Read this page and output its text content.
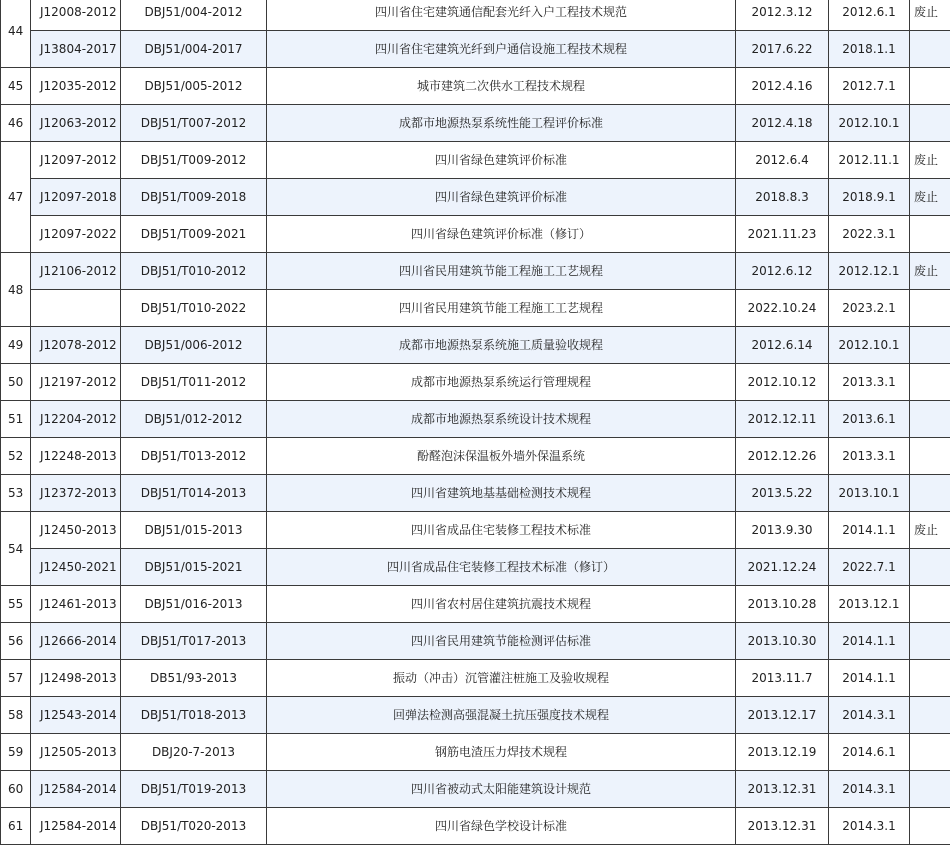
44	J12008-2012	DBJ51/004-2012	四川省住宅建筑通信配套光纤入户工程技术规范	2012.3.12	2012.6.1	废止
	J13804-2017	DBJ51/004-2017	四川省住宅建筑光纤到户通信设施工程技术规程	2017.6.22	2018.1.1	
45	J12035-2012	DBJ51/005-2012	城市建筑二次供水工程技术规程	2012.4.16	2012.7.1	
46	J12063-2012	DBJ51/T007-2012	成都市地源热泵系统性能工程评价标准	2012.4.18	2012.10.1	
47	J12097-2012	DBJ51/T009-2012	四川省绿色建筑评价标准	2012.6.4	2012.11.1	废止
	J12097-2018	DBJ51/T009-2018	四川省绿色建筑评价标准	2018.8.3	2018.9.1	废止
	J12097-2022	DBJ51/T009-2021	四川省绿色建筑评价标准（修订）	2021.11.23	2022.3.1	
48	J12106-2012	DBJ51/T010-2012	四川省民用建筑节能工程施工工艺规程	2012.6.12	2012.12.1	废止
		DBJ51/T010-2022	四川省民用建筑节能工程施工工艺规程	2022.10.24	2023.2.1	
49	J12078-2012	DBJ51/006-2012	成都市地源热泵系统施工质量验收规程	2012.6.14	2012.10.1	
50	J12197-2012	DBJ51/T011-2012	成都市地源热泵系统运行管理规程	2012.10.12	2013.3.1	
51	J12204-2012	DBJ51/012-2012	成都市地源热泵系统设计技术规程	2012.12.11	2013.6.1	
52	J12248-2013	DBJ51/T013-2012	酚醛泡沫保温板外墙外保温系统	2012.12.26	2013.3.1	
53	J12372-2013	DBJ51/T014-2013	四川省建筑地基基础检测技术规程	2013.5.22	2013.10.1	
54	J12450-2013	DBJ51/015-2013	四川省成品住宅装修工程技术标准	2013.9.30	2014.1.1	废止
	J12450-2021	DBJ51/015-2021	四川省成品住宅装修工程技术标准（修订）	2021.12.24	2022.7.1	
55	J12461-2013	DBJ51/016-2013	四川省农村居住建筑抗震技术规程	2013.10.28	2013.12.1	
56	J12666-2014	DBJ51/T017-2013	四川省民用建筑节能检测评估标准	2013.10.30	2014.1.1	
57	J12498-2013	DB51/93-2013	振动（冲击）沉管灌注桩施工及验收规程	2013.11.7	2014.1.1	
58	J12543-2014	DBJ51/T018-2013	回弹法检测高强混凝土抗压强度技术规程	2013.12.17	2014.3.1	
59	J12505-2013	DBJ20-7-2013	钢筋电渣压力焊技术规程	2013.12.19	2014.6.1	
60	J12584-2014	DBJ51/T019-2013	四川省被动式太阳能建筑设计规范	2013.12.31	2014.3.1	
61	J12584-2014	DBJ51/T020-2013	四川省绿色学校设计标准	2013.12.31	2014.3.1	
